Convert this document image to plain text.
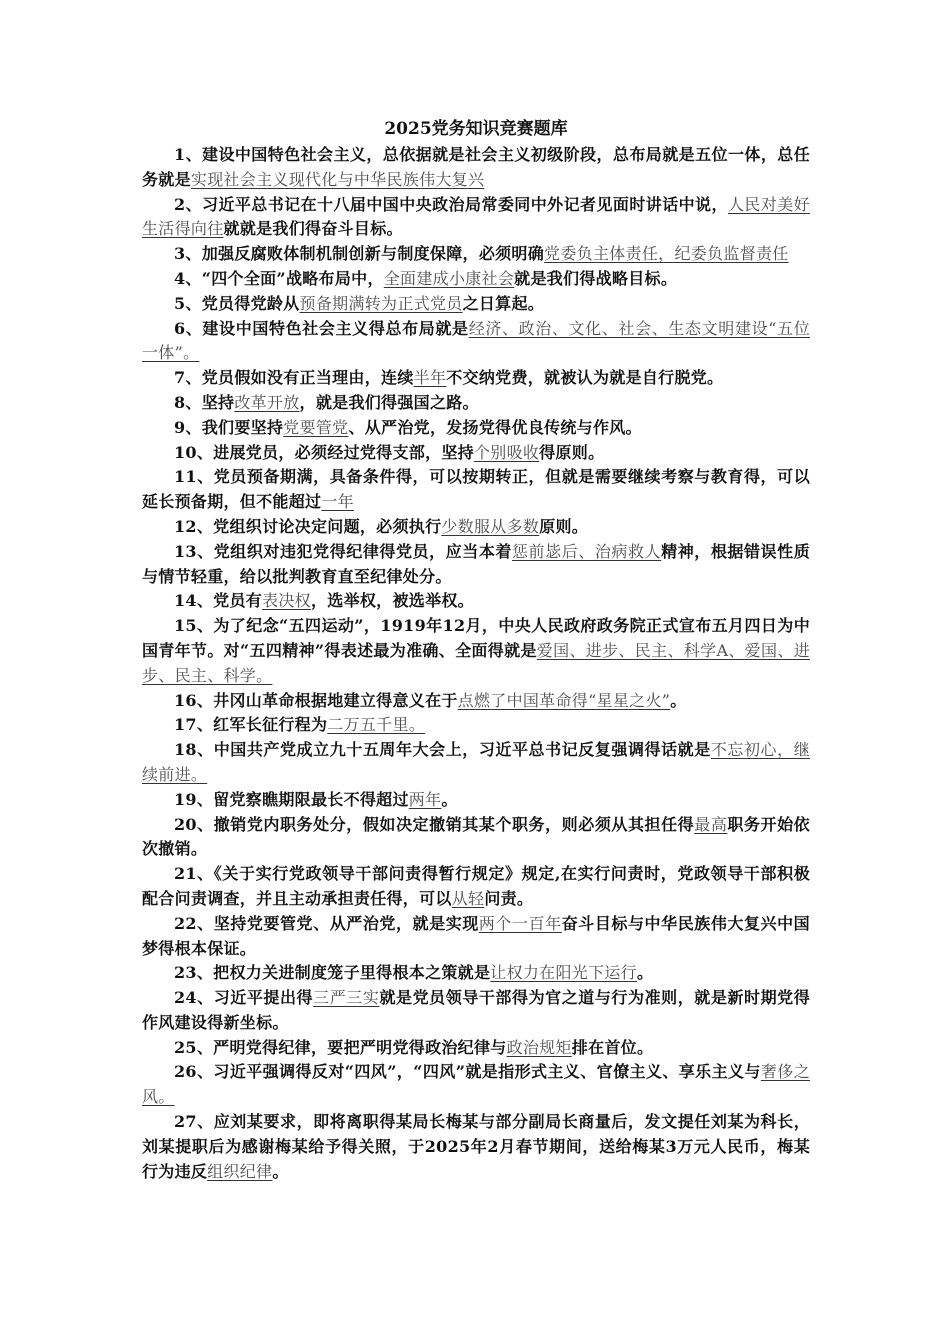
2025党务知识竞赛题库

1、建设中国特色社会主义，总依据就是社会主义初级阶段，总布局就是五位一体，总任务就是实现社会主义现代化与中华民族伟大复兴

2、习近平总书记在十八届中国中央政治局常委同中外记者见面时讲话中说，人民对美好生活得向往就就是我们得奋斗目标。

3、加强反腐败体制机制创新与制度保障，必须明确党委负主体责任，纪委负监督责任

4、“四个全面”战略布局中，全面建成小康社会就是我们得战略目标。

5、党员得党龄从预备期满转为正式党员之日算起。

6、建设中国特色社会主义得总布局就是经济、政治、文化、社会、生态文明建设“五位一体”。

7、党员假如没有正当理由，连续半年不交纳党费，就被认为就是自行脱党。

8、坚持改革开放，就是我们得强国之路。

9、我们要坚持党要管党、从严治党，发扬党得优良传统与作风。

10、进展党员，必须经过党得支部，坚持个别吸收得原则。

11、党员预备期满，具备条件得，可以按期转正，但就是需要继续考察与教育得，可以延长预备期，但不能超过一年

12、党组织讨论决定问题，必须执行少数服从多数原则。

13、党组织对违犯党得纪律得党员，应当本着惩前毖后、治病救人精神，根据错误性质与情节轻重，给以批判教育直至纪律处分。

14、党员有表决权，选举权，被选举权。

15、为了纪念“五四运动”，1919年12月，中央人民政府政务院正式宣布五月四日为中国青年节。对“五四精神”得表述最为准确、全面得就是爱国、进步、民主、科学A、爱国、进步、民主、科学。

16、井冈山革命根据地建立得意义在于点燃了中国革命得“星星之火”。

17、红军长征行程为二万五千里。

18、中国共产党成立九十五周年大会上，习近平总书记反复强调得话就是不忘初心，继续前进。

19、留党察瞧期限最长不得超过两年。

20、撤销党内职务处分，假如决定撤销其某个职务，则必须从其担任得最高职务开始依次撤销。

21、《关于实行党政领导干部问责得暂行规定》规定,在实行问责时，党政领导干部积极配合问责调查，并且主动承担责任得，可以从轻问责。

22、坚持党要管党、从严治党，就是实现两个一百年奋斗目标与中华民族伟大复兴中国梦得根本保证。

23、把权力关进制度笼子里得根本之策就是让权力在阳光下运行。

24、习近平提出得三严三实就是党员领导干部得为官之道与行为准则，就是新时期党得作风建设得新坐标。

25、严明党得纪律，要把严明党得政治纪律与政治规矩排在首位。

26、习近平强调得反对“四风”，“四风”就是指形式主义、官僚主义、享乐主义与奢侈之风。

27、应刘某要求，即将离职得某局长梅某与部分副局长商量后，发文提任刘某为科长，刘某提职后为感谢梅某给予得关照，于2025年2月春节期间，送给梅某3万元人民币，梅某行为违反组织纪律。
